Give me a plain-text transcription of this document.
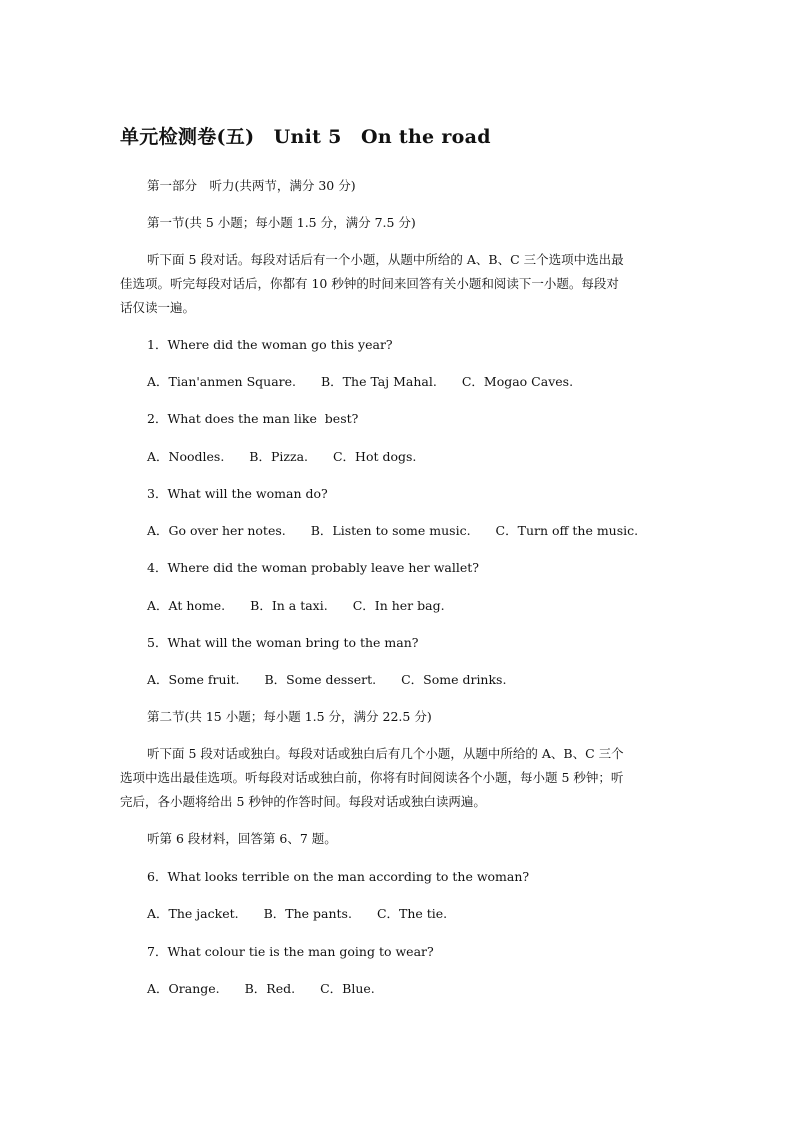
单元检测卷(五)　Unit 5　On the road
第一部分　听力(共两节，满分 30 分)
第一节(共 5 小题；每小题 1.5 分，满分 7.5 分)
听下面 5 段对话。每段对话后有一个小题，从题中所给的 A、B、C 三个选项中选出最
佳选项。听完每段对话后，你都有 10 秒钟的时间来回答有关小题和阅读下一小题。每段对
话仅读一遍。
1．Where did the woman go this year?
A．Tian'anmen Square.　　B．The Taj Mahal.　　C．Mogao Caves.
2．What does the man like  best?
A．Noodles.　　B．Pizza.　　C．Hot dogs.
3．What will the woman do?
A．Go over her notes.　　B．Listen to some music.　　C．Turn off the music.
4．Where did the woman probably leave her wallet?
A．At home.　　B．In a taxi.　　C．In her bag.
5．What will the woman bring to the man?
A．Some fruit.　　B．Some dessert.　　C．Some drinks.
第二节(共 15 小题；每小题 1.5 分，满分 22.5 分)
听下面 5 段对话或独白。每段对话或独白后有几个小题，从题中所给的 A、B、C 三个
选项中选出最佳选项。听每段对话或独白前，你将有时间阅读各个小题，每小题 5 秒钟；听
完后，各小题将给出 5 秒钟的作答时间。每段对话或独白读两遍。
听第 6 段材料，回答第 6、7 题。
6．What looks terrible on the man according to the woman?
A．The jacket.　　B．The pants.　　C．The tie.
7．What colour tie is the man going to wear?
A．Orange.　　B．Red.　　C．Blue.
